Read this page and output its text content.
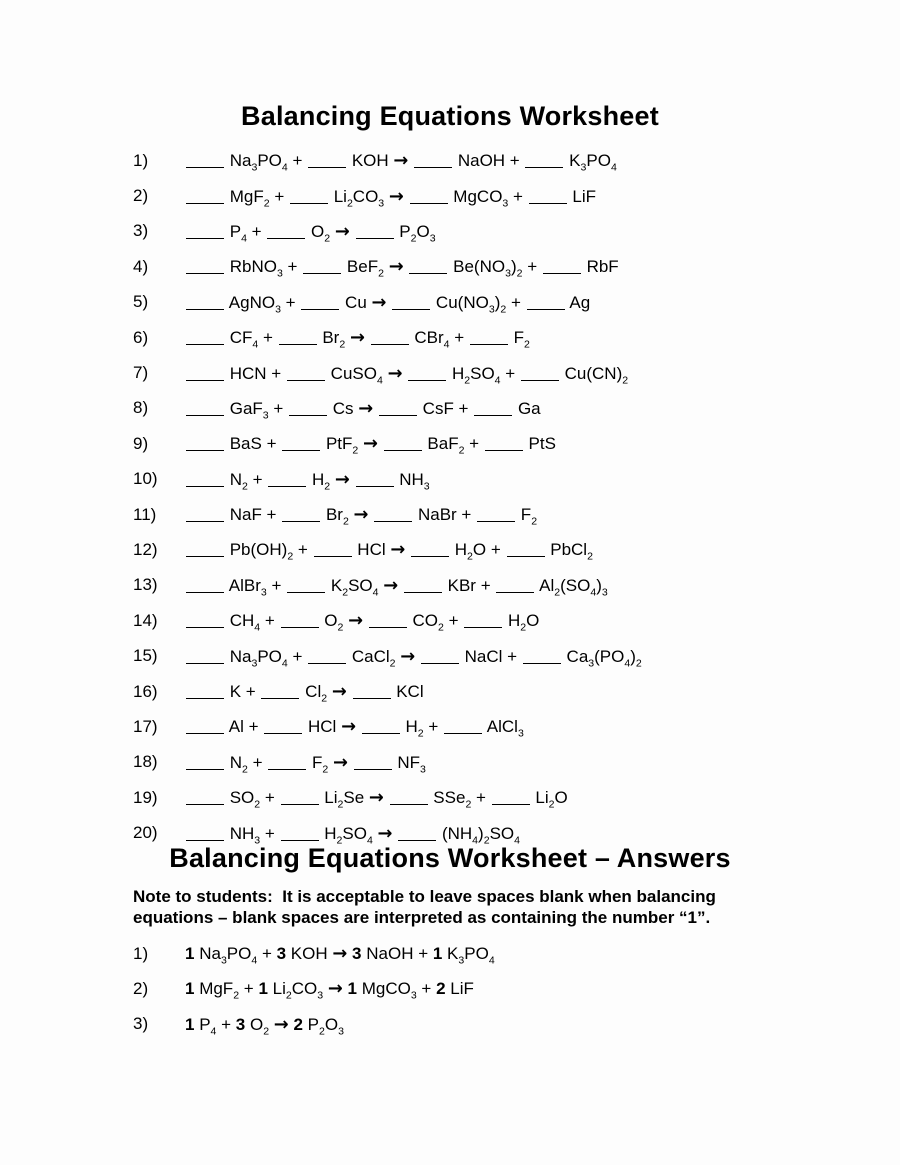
Balancing Equations Worksheet
1)	$Na_3PO_4$ +  KOH →	NaOH +  $K_3PO_4$
2)	$MgF_2 + Li_2CO_3$ →	MgCO$_3$ +  LiF
3)	$P_4 + O_2$ →	$P_2O_3$
4)	RbNO$_3$ +  BeF$_2$ →	$Be(NO_3)_2$ +  RbF
5)	AgNO$_3$ +  Cu →	$Cu(NO_3)_2 + Ag$
6)	$CF_4 + Br_2$ →	$CBr_4 + F_2$
7)	HCN +  CuSO$_4$ →	$H_2SO_4 + Cu(CN)_2$
8)	GaF$_3$ +  Cs →	CsF +  Ga
9)	BaS +  PtF$_2$ →	BaF$_2$ +  PtS
10)	$N_2 + H_2$ →	$NH_3$
11)	NaF +  $Br_2$ →	NaBr +  $F_2$
12)	$Pb(OH)_2$ +  HCl →	$H_2O$ +  PbCl$_2$
13)	AlBr$_3$ +  $K_2SO_4$ →	KBr +  $Al_2(SO_4)_3$
14)	$CH_4 + O_2$ →	$CO_2 + H_2O$
15)	$Na_3PO_4$ +  CaCl$_2$ →	NaCl +  $Ca_3(PO_4)_2$
16)	$K + Cl_2$ →	KCl
17)	Al +  HCl →	$H_2$ +  AlCl$_3$
18)	$N_2 + F_2$ →	$NF_3$
19)	$SO_2 + Li_2Se$ →	$SSe_2 + Li_2O$
20)	$NH_3 + H_2SO_4$ →	$(NH_4)_2SO_4$
Balancing Equations Worksheet – Answers

Note to students:  It is acceptable to leave spaces blank when balancing
equations – blank spaces are interpreted as containing the number “1”.

1)	1 $Na_3PO_4 + 3$ KOH → 3 NaOH + 1 $K_3PO_4$
2)	1 MgF$_2$ + 1 $Li_2CO_3 \to 1$ MgCO$_3$ + 2 LiF
3)	1 $P_4 + 3$ $O_2 \to 2$ $P_2O_3$
